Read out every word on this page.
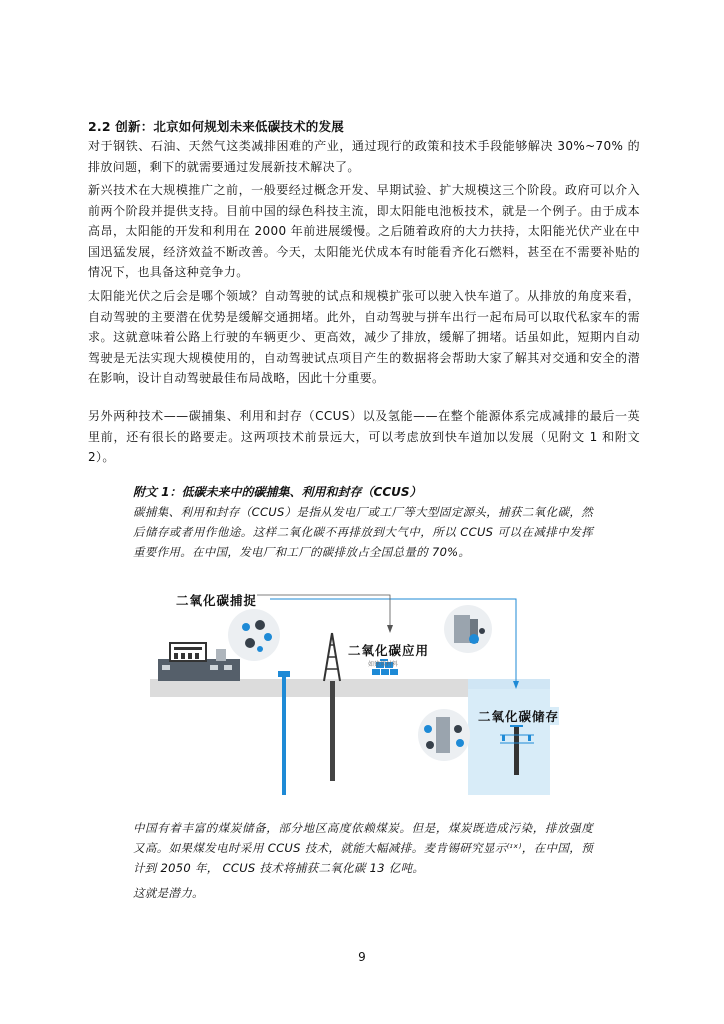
2.2 创新：北京如何规划未来低碳技术的发展
对于钢铁、石油、天然气这类减排困难的产业，通过现行的政策和技术手段能够解决 30%~70% 的排放问题，剩下的就需要通过发展新技术解决了。
新兴技术在大规模推广之前，一般要经过概念开发、早期试验、扩大规模这三个阶段。政府可以介入前两个阶段并提供支持。目前中国的绿色科技主流，即太阳能电池板技术，就是一个例子。由于成本高昂，太阳能的开发和利用在 2000 年前进展缓慢。之后随着政府的大力扶持，太阳能光伏产业在中国迅猛发展，经济效益不断改善。今天，太阳能光伏成本有时能看齐化石燃料，甚至在不需要补贴的情况下，也具备这种竞争力。
太阳能光伏之后会是哪个领域？自动驾驶的试点和规模扩张可以驶入快车道了。从排放的角度来看，自动驾驶的主要潜在优势是缓解交通拥堵。此外，自动驾驶与拼车出行一起布局可以取代私家车的需求。这就意味着公路上行驶的车辆更少、更高效，减少了排放，缓解了拥堵。话虽如此，短期内自动驾驶是无法实现大规模使用的，自动驾驶试点项目产生的数据将会帮助大家了解其对交通和安全的潜在影响，设计自动驾驶最佳布局战略，因此十分重要。
另外两种技术——碳捕集、利用和封存（CCUS）以及氢能——在整个能源体系完成减排的最后一英里前，还有很长的路要走。这两项技术前景远大，可以考虑放到快车道加以发展（见附文 1 和附文 2）。
附文 1：低碳未来中的碳捕集、利用和封存（CCUS）
碳捕集、利用和封存（CCUS）是指从发电厂或工厂等大型固定源头，捕获二氧化碳，然后储存或者用作他途。这样二氧化碳不再排放到大气中，所以 CCUS 可以在减排中发挥重要作用。在中国，发电厂和工厂的碳排放占全国总量的 70%。
二氧化碳捕捉
二氧化碳应用
如建筑材料
二氧化碳储存
中国有着丰富的煤炭储备，部分地区高度依赖煤炭。但是，煤炭既造成污染，排放强度又高。如果煤发电时采用 CCUS 技术，就能大幅减排。麦肯锡研究显示⁽ᶦˣ⁾，在中国，预计到 2050 年， CCUS 技术将捕获二氧化碳 13 亿吨。
这就是潜力。
9
